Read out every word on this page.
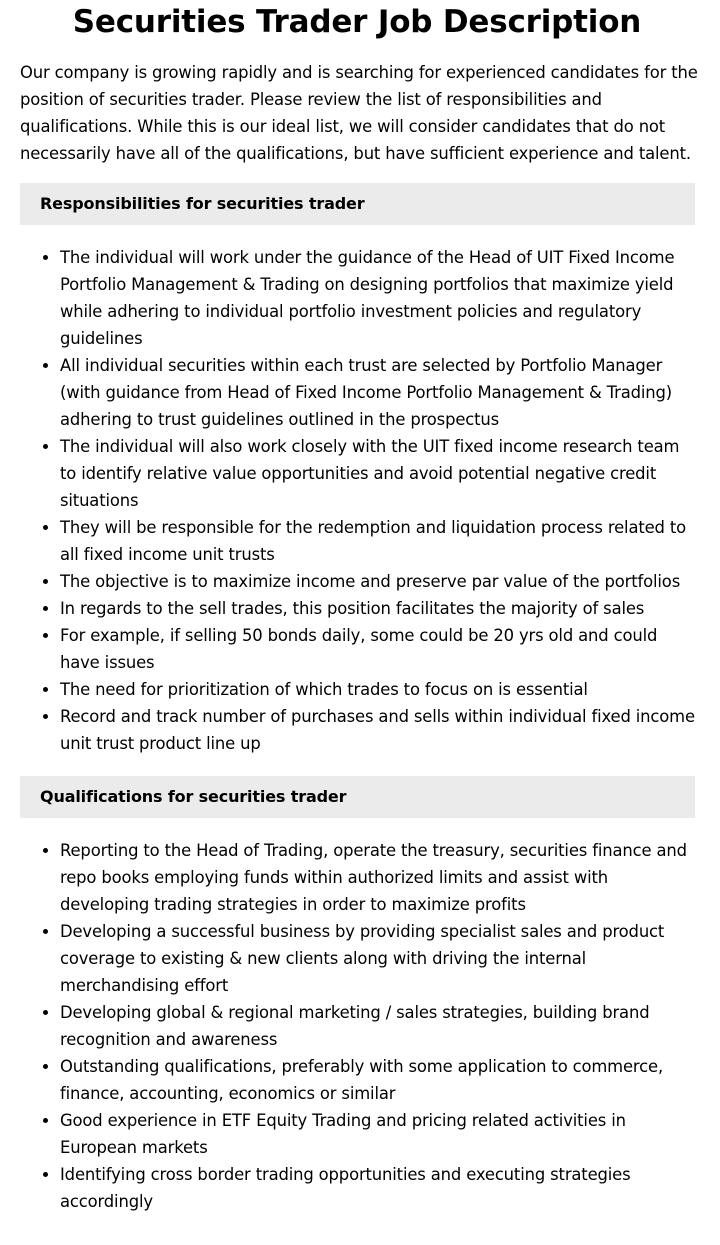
Securities Trader Job Description

Our company is growing rapidly and is searching for experienced candidates for the position of securities trader. Please review the list of responsibilities and qualifications. While this is our ideal list, we will consider candidates that do not necessarily have all of the qualifications, but have sufficient experience and talent.

Responsibilities for securities trader
• The individual will work under the guidance of the Head of UIT Fixed Income Portfolio Management & Trading on designing portfolios that maximize yield while adhering to individual portfolio investment policies and regulatory guidelines
• All individual securities within each trust are selected by Portfolio Manager (with guidance from Head of Fixed Income Portfolio Management & Trading) adhering to trust guidelines outlined in the prospectus
• The individual will also work closely with the UIT fixed income research team to identify relative value opportunities and avoid potential negative credit situations
• They will be responsible for the redemption and liquidation process related to all fixed income unit trusts
• The objective is to maximize income and preserve par value of the portfolios
• In regards to the sell trades, this position facilitates the majority of sales
• For example, if selling 50 bonds daily, some could be 20 yrs old and could have issues
• The need for prioritization of which trades to focus on is essential
• Record and track number of purchases and sells within individual fixed income unit trust product line up
Qualifications for securities trader
• Reporting to the Head of Trading, operate the treasury, securities finance and repo books employing funds within authorized limits and assist with developing trading strategies in order to maximize profits
• Developing a successful business by providing specialist sales and product coverage to existing & new clients along with driving the internal merchandising effort
• Developing global & regional marketing / sales strategies, building brand recognition and awareness
• Outstanding qualifications, preferably with some application to commerce, finance, accounting, economics or similar
• Good experience in ETF Equity Trading and pricing related activities in European markets
• Identifying cross border trading opportunities and executing strategies accordingly
